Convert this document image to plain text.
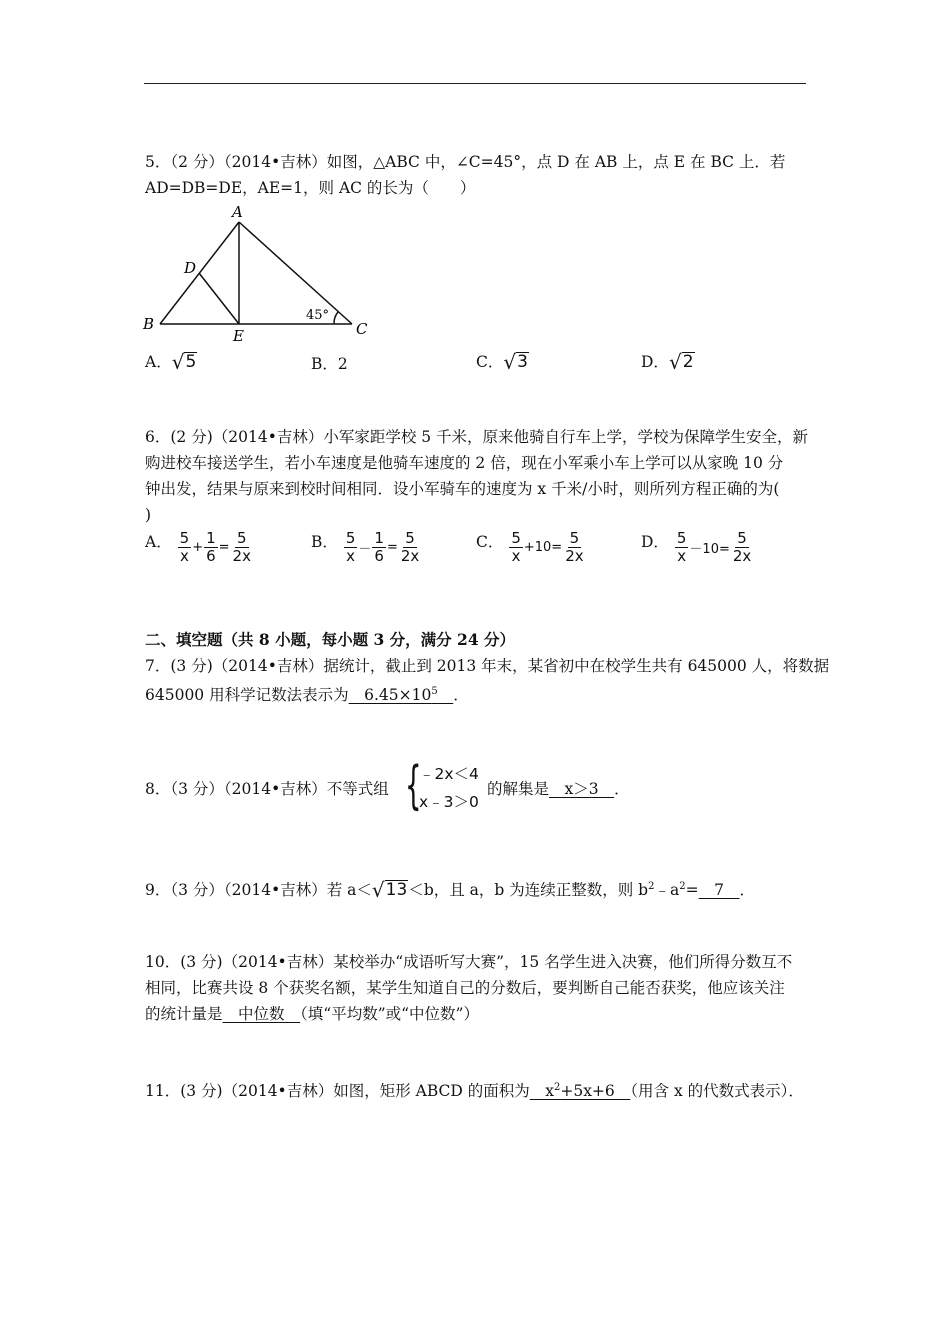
5．（2 分）（2014•吉林）如图，△ABC 中，∠C=45°，点 D 在 AB 上，点 E 在 BC 上．若
AD=DB=DE，AE=1，则 AC 的长为（　　）
A
D
B
E	C
45°
A．√5	B．2	C．√3	D．√2
6．(2 分)（2014•吉林）小军家距学校 5 千米，原来他骑自行车上学，学校为保障学生安全，新
购进校车接送学生，若小车速度是他骑车速度的 2 倍，现在小军乘小车上学可以从家晚 10 分
钟出发，结果与原来到校时间相同．设小军骑车的速度为 x 千米/小时，则所列方程正确的为(
)
A． $\frac{5}{x} + \frac{1}{6} = \frac{5}{2x}$	B． $\frac{5}{x} - \frac{1}{6} = \frac{5}{2x}$	C． $\frac{5}{x} +10= \frac{5}{2x}$	D． $\frac{5}{x} -10= \frac{5}{2x}$
二、填空题（共 8 小题，每小题 3 分，满分 24 分）
7．(3 分)（2014•吉林）据统计，截止到 2013 年末，某省初中在校学生共有 645000 人，将数据
645000 用科学记数法表示为　$6.45\times 10^5$　 ．
8．（3 分）（2014•吉林）不等式组 {
﹣2x＜4
x﹣3＞0
的解集是　x＞3　．
9．（3 分）（2014•吉林）若 a＜√13＜b，且 a，b 为连续正整数，则 $b^2﹣a^2=$　7　．
10．(3 分)（2014•吉林）某校举办“成语听写大赛”，15 名学生进入决赛，他们所得分数互不
相同，比赛共设 8 个获奖名额，某学生知道自己的分数后，要判断自己能否获奖，他应该关注
的统计量是　中位数　（填“平均数”或“中位数”）
11．(3 分)（2014•吉林）如图，矩形 ABCD 的面积为　$x^2+5x+6$　（用含 x 的代数式表示）．
